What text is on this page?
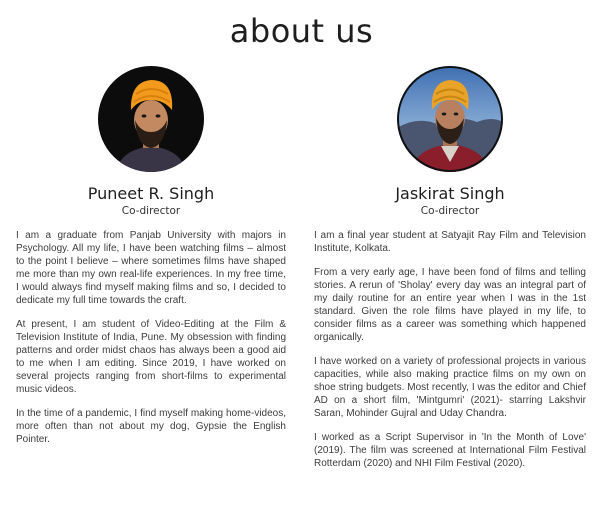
about us
Puneet R. Singh
Co-director

I am a graduate from Panjab University with majors in Psychology. All my life, I have been watching films – almost to the point I believe – where sometimes films have shaped me more than my own real-life experiences. In my free time, I would always find myself making films and so, I decided to dedicate my full time towards the craft.

At present, I am student of Video-Editing at the Film & Television Institute of India, Pune. My obsession with finding patterns and order midst chaos has always been a good aid to me when I am editing. Since 2019, I have worked on several projects ranging from short-films to experimental music videos.

In the time of a pandemic, I find myself making home-videos, more often than not about my dog, Gypsie the English Pointer.

Jaskirat Singh
Co-director

I am a final year student at Satyajit Ray Film and Television Institute, Kolkata.

From a very early age, I have been fond of films and telling stories. A rerun of 'Sholay' every day was an integral part of my daily routine for an entire year when I was in the 1st standard. Given the role films have played in my life, to consider films as a career was something which happened organically.

I have worked on a variety of professional projects in various capacities, while also making practice films on my own on shoe string budgets. Most recently, I was the editor and Chief AD on a short film, 'Mintgumri' (2021)- starring Lakshvir Saran, Mohinder Gujral and Uday Chandra.

I worked as a Script Supervisor in 'In the Month of Love' (2019). The film was screened at International Film Festival Rotterdam (2020) and NHI Film Festival (2020).
